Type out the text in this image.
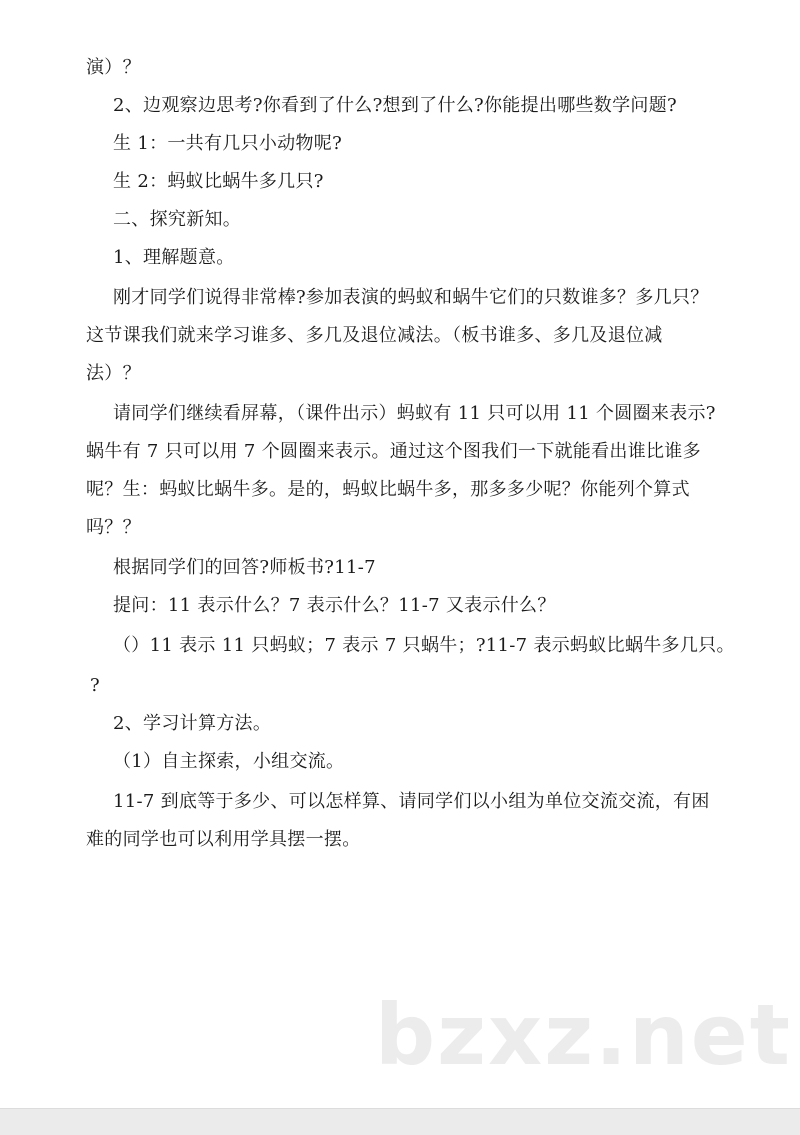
演）？

2、边观察边思考?你看到了什么?想到了什么?你能提出哪些数学问题?

生 1：一共有几只小动物呢?

生 2：蚂蚁比蜗牛多几只?

二、探究新知。

1、理解题意。

刚才同学们说得非常棒?参加表演的蚂蚁和蜗牛它们的只数谁多？多几只？

这节课我们就来学习谁多、多几及退位减法。（板书谁多、多几及退位减

法）？

请同学们继续看屏幕，（课件出示）蚂蚁有 11 只可以用 11 个圆圈来表示?

蜗牛有 7 只可以用 7 个圆圈来表示。通过这个图我们一下就能看出谁比谁多

呢？生：蚂蚁比蜗牛多。是的，蚂蚁比蜗牛多，那多多少呢？你能列个算式

吗？？

根据同学们的回答?师板书?11-7

提问：11 表示什么？7 表示什么？11-7 又表示什么？

（）11 表示 11 只蚂蚁；7 表示 7 只蜗牛；?11-7 表示蚂蚁比蜗牛多几只。

?

2、学习计算方法。

（1）自主探索，小组交流。

11-7 到底等于多少、可以怎样算、请同学们以小组为单位交流交流，有困

难的同学也可以利用学具摆一摆。

bzxz.net
